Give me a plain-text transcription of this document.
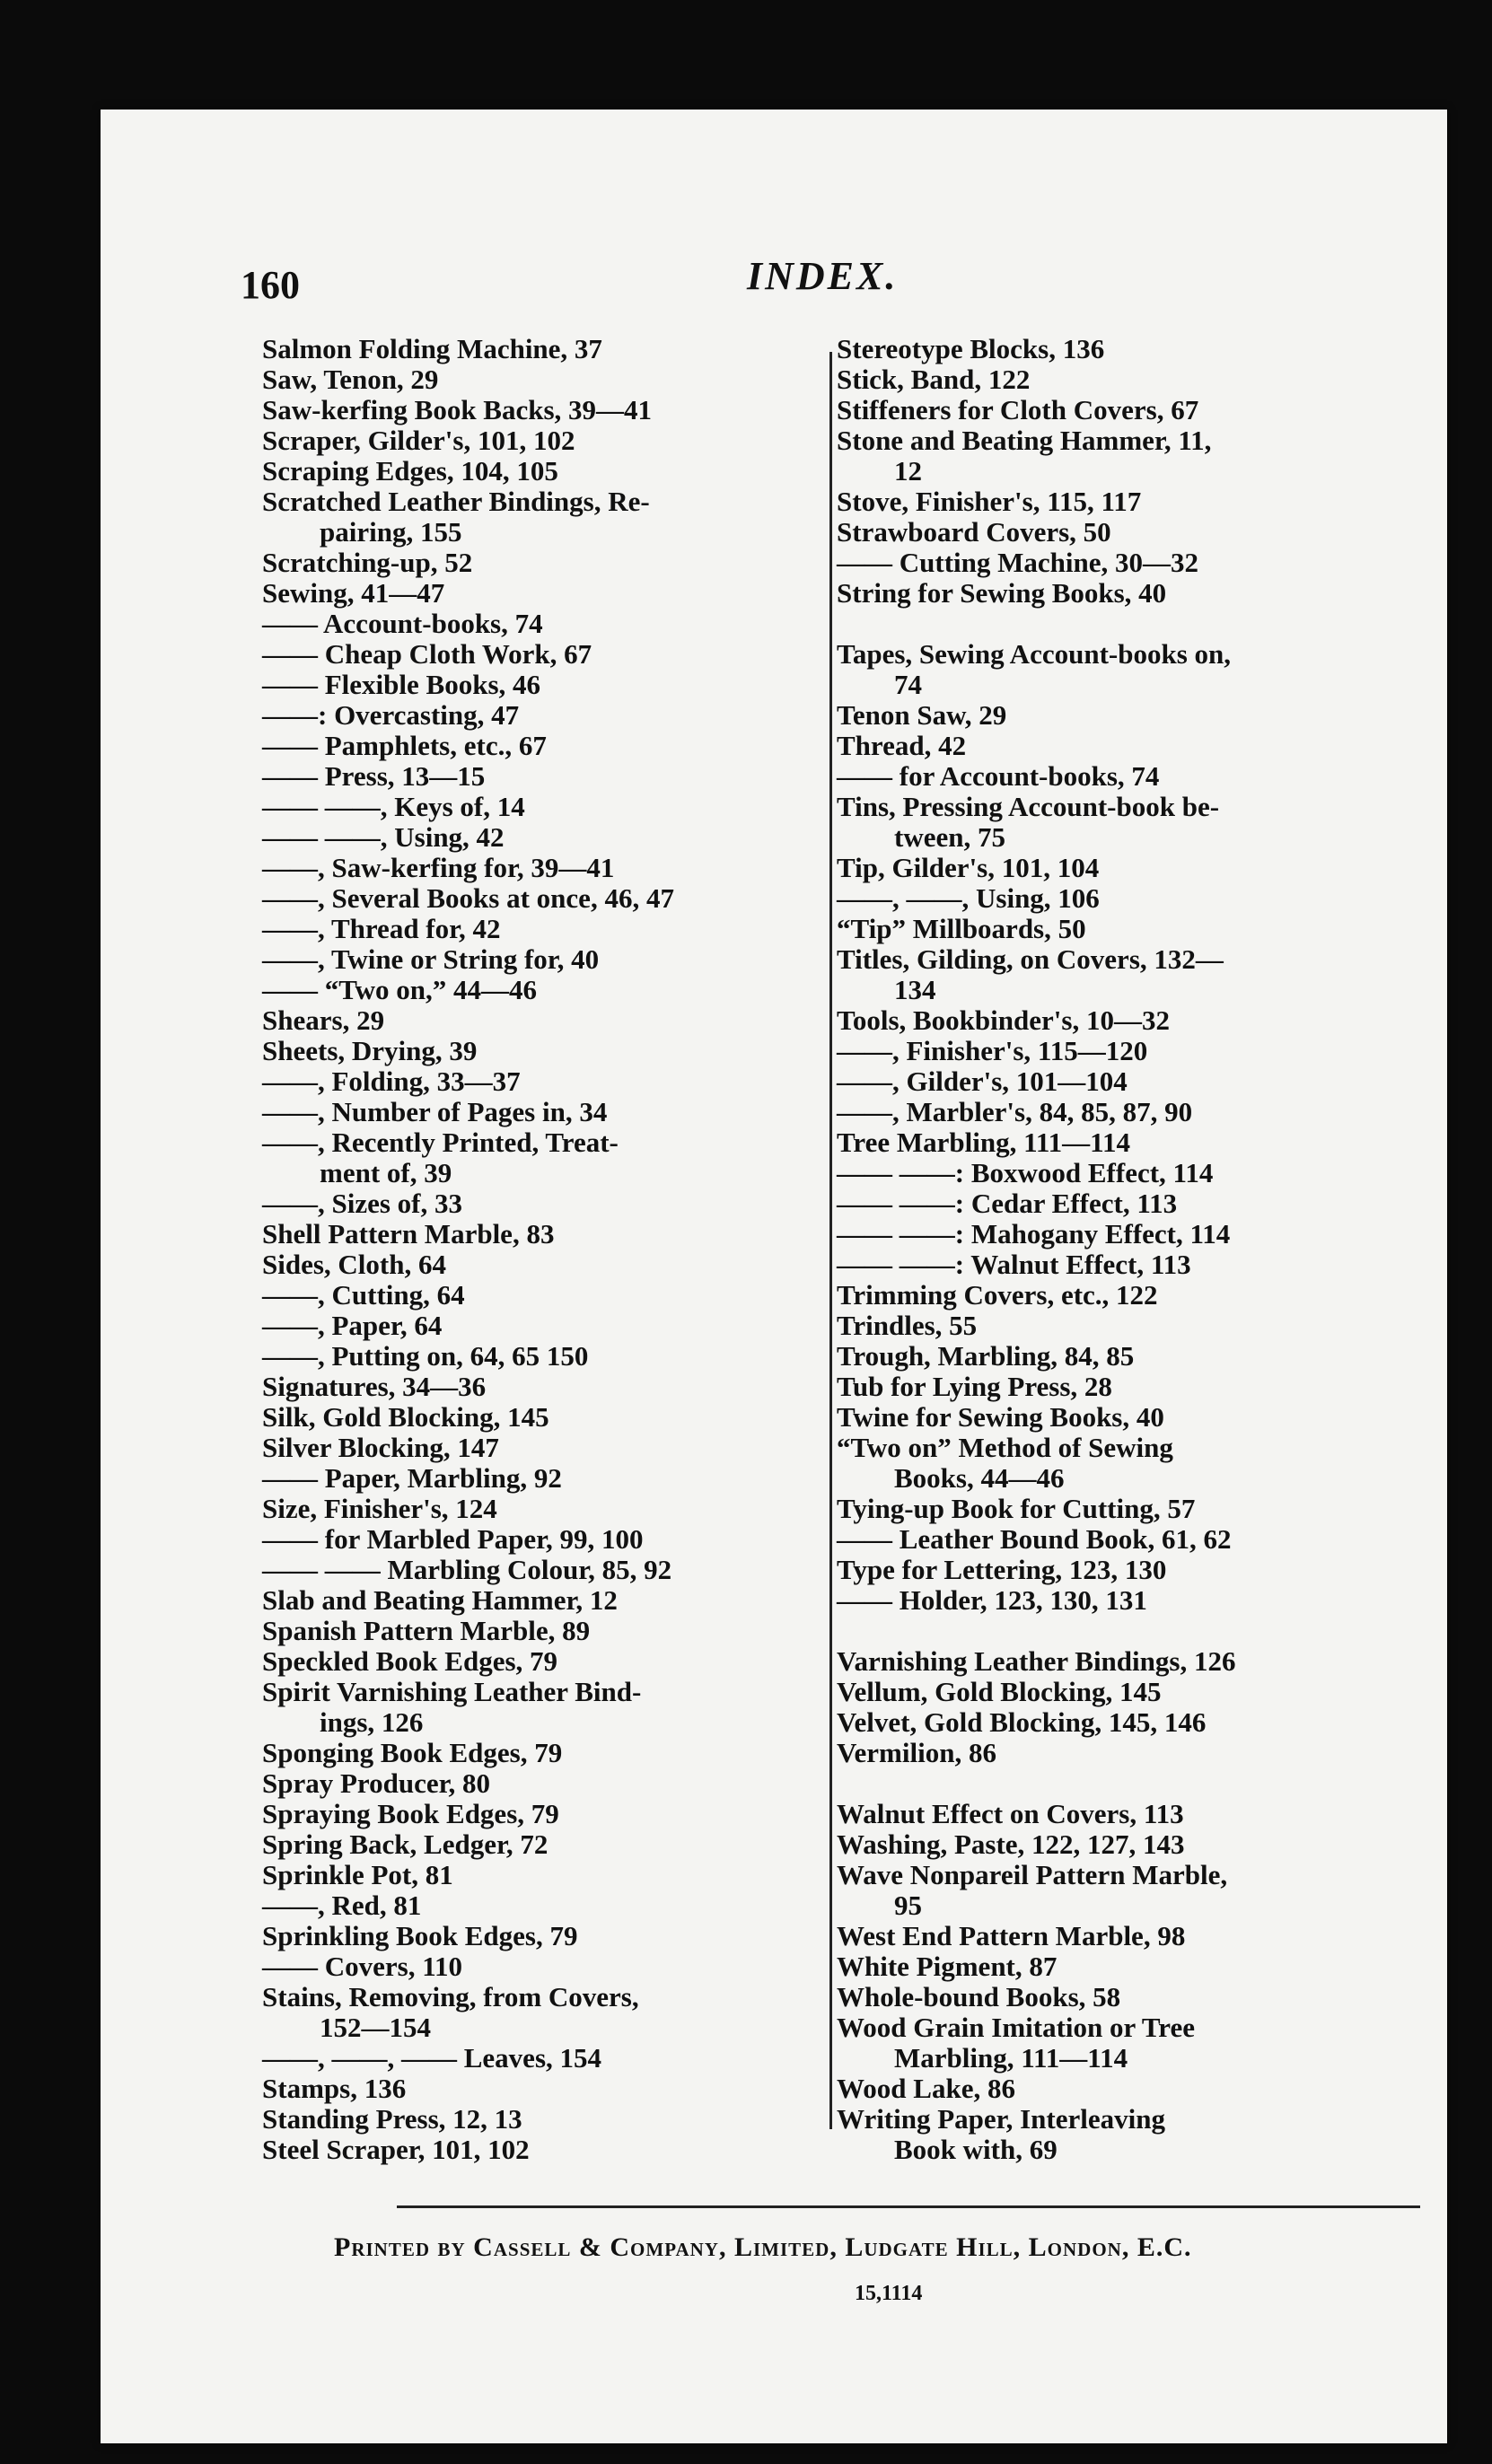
160	INDEX.
Salmon Folding Machine, 37
Saw, Tenon, 29
Saw-kerfing Book Backs, 39—41
Scraper, Gilder's, 101, 102
Scraping Edges, 104, 105
Scratched Leather Bindings, Re-
pairing, 155
Scratching-up, 52
Sewing, 41—47
—— Account-books, 74
—— Cheap Cloth Work, 67
—— Flexible Books, 46
——: Overcasting, 47
—— Pamphlets, etc., 67
—— Press, 13—15
—— ——, Keys of, 14
—— ——, Using, 42
——, Saw-kerfing for, 39—41
——, Several Books at once, 46, 47
——, Thread for, 42
——, Twine or String for, 40
—— “Two on,” 44—46
Shears, 29
Sheets, Drying, 39
——, Folding, 33—37
——, Number of Pages in, 34
——, Recently Printed, Treat-
ment of, 39
——, Sizes of, 33
Shell Pattern Marble, 83
Sides, Cloth, 64
——, Cutting, 64
——, Paper, 64
——, Putting on, 64, 65 150
Signatures, 34—36
Silk, Gold Blocking, 145
Silver Blocking, 147
—— Paper, Marbling, 92
Size, Finisher's, 124
—— for Marbled Paper, 99, 100
—— —— Marbling Colour, 85, 92
Slab and Beating Hammer, 12
Spanish Pattern Marble, 89
Speckled Book Edges, 79
Spirit Varnishing Leather Bind-
ings, 126
Sponging Book Edges, 79
Spray Producer, 80
Spraying Book Edges, 79
Spring Back, Ledger, 72
Sprinkle Pot, 81
——, Red, 81
Sprinkling Book Edges, 79
—— Covers, 110
Stains, Removing, from Covers,
152—154
——, ——, —— Leaves, 154
Stamps, 136
Standing Press, 12, 13
Steel Scraper, 101, 102
Stereotype Blocks, 136
Stick, Band, 122
Stiffeners for Cloth Covers, 67
Stone and Beating Hammer, 11,
12
Stove, Finisher's, 115, 117
Strawboard Covers, 50
—— Cutting Machine, 30—32
String for Sewing Books, 40
Tapes, Sewing Account-books on,
74
Tenon Saw, 29
Thread, 42
—— for Account-books, 74
Tins, Pressing Account-book be-
tween, 75
Tip, Gilder's, 101, 104
——, ——, Using, 106
“Tip” Millboards, 50
Titles, Gilding, on Covers, 132—
134
Tools, Bookbinder's, 10—32
——, Finisher's, 115—120
——, Gilder's, 101—104
——, Marbler's, 84, 85, 87, 90
Tree Marbling, 111—114
—— ——: Boxwood Effect, 114
—— ——: Cedar Effect, 113
—— ——: Mahogany Effect, 114
—— ——: Walnut Effect, 113
Trimming Covers, etc., 122
Trindles, 55
Trough, Marbling, 84, 85
Tub for Lying Press, 28
Twine for Sewing Books, 40
“Two on” Method of Sewing
Books, 44—46
Tying-up Book for Cutting, 57
—— Leather Bound Book, 61, 62
Type for Lettering, 123, 130
—— Holder, 123, 130, 131
Varnishing Leather Bindings, 126
Vellum, Gold Blocking, 145
Velvet, Gold Blocking, 145, 146
Vermilion, 86
Walnut Effect on Covers, 113
Washing, Paste, 122, 127, 143
Wave Nonpareil Pattern Marble,
95
West End Pattern Marble, 98
White Pigment, 87
Whole-bound Books, 58
Wood Grain Imitation or Tree
Marbling, 111—114
Wood Lake, 86
Writing Paper, Interleaving
Book with, 69
Printed by Cassell & Company, Limited, Ludgate Hill, London, E.C.
15,1114
